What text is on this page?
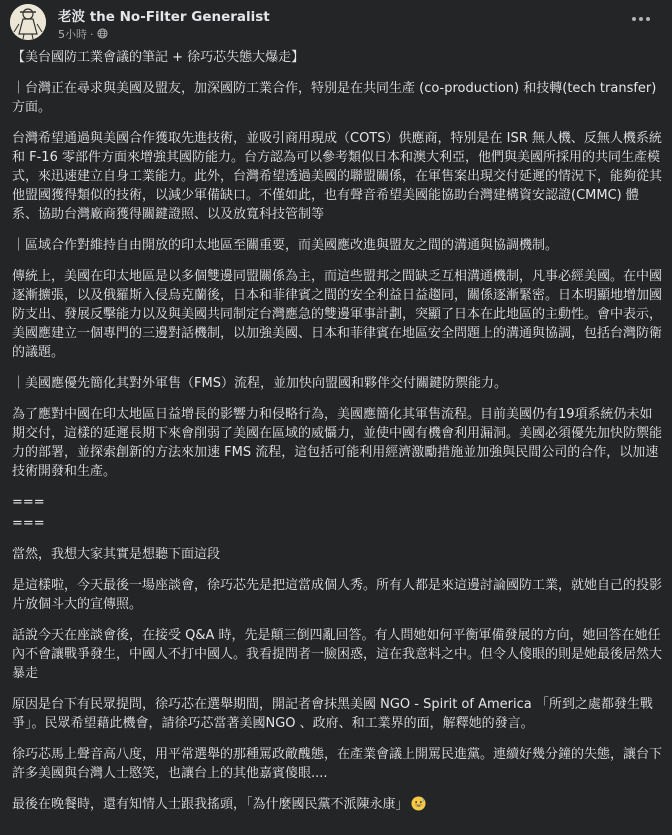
老波 the No-Filter Generalist
5小時 ·

【美台國防工業會議的筆記 + 徐巧芯失態大爆走】

｜台灣正在尋求與美國及盟友，加深國防工業合作，特別是在共同生產 (co-production) 和技轉(tech transfer) 方面。

台灣希望通過與美國合作獲取先進技術，並吸引商用現成（COTS）供應商，特別是在 ISR 無人機、反無人機系統和 F-16 零部件方面來增強其國防能力。台方認為可以參考類似日本和澳大利亞，他們與美國所採用的共同生產模式，來迅速建立自身工業能力。此外，台灣希望透過美國的聯盟關係，在軍售案出現交付延遲的情況下，能夠從其他盟國獲得類似的技術，以減少軍備缺口。不僅如此，也有聲音希望美國能協助台灣建構資安認證(CMMC) 體系、協助台灣廠商獲得關鍵證照、以及放寬科技管制等

｜區域合作對維持自由開放的印太地區至關重要，而美國應改進與盟友之間的溝通與協調機制。

傳統上，美國在印太地區是以多個雙邊同盟關係為主，而這些盟邦之間缺乏互相溝通機制，凡事必經美國。在中國逐漸擴張，以及俄羅斯入侵烏克蘭後，日本和菲律賓之間的安全利益日益趨同，關係逐漸緊密。日本明顯地增加國防支出、發展反擊能力以及與美國共同制定台灣應急的雙邊軍事計劃，突顯了日本在此地區的主動性。會中表示，美國應建立一個專門的三邊對話機制，以加強美國、日本和菲律賓在地區安全問題上的溝通與協調，包括台灣防衛的議題。

｜美國應優先簡化其對外軍售（FMS）流程，並加快向盟國和夥伴交付關鍵防禦能力。

為了應對中國在印太地區日益增長的影響力和侵略行為，美國應簡化其軍售流程。目前美國仍有19項系統仍未如期交付，這樣的延遲長期下來會削弱了美國在區域的威懾力，並使中國有機會利用漏洞。美國必須優先加快防禦能力的部署，並探索創新的方法來加速 FMS 流程，這包括可能利用經濟激勵措施並加強與民間公司的合作，以加速技術開發和生產。

===

===

當然，我想大家其實是想聽下面這段

是這樣啦，今天最後一場座談會，徐巧芯先是把這當成個人秀。所有人都是來這邊討論國防工業，就她自己的投影片放個斗大的宣傳照。

話說今天在座談會後，在接受 Q&A 時，先是顛三倒四亂回答。有人問她如何平衡軍備發展的方向，她回答在她任內不會讓戰爭發生，中國人不打中國人。我看提問者一臉困惑，這在我意料之中。但令人傻眼的則是她最後居然大暴走

原因是台下有民眾提問，徐巧芯在選舉期間，開記者會抹黑美國 NGO - Spirit of America 「所到之處都發生戰爭」。民眾希望藉此機會，請徐巧芯當著美國NGO 、政府、和工業界的面，解釋她的發言。

徐巧芯馬上聲音高八度，用平常選舉的那種罵政敵醜態，在產業會議上開罵民進黨。連續好幾分鐘的失態，讓台下許多美國與台灣人士愍笑，也讓台上的其他嘉賓傻眼....

最後在晚餐時，還有知情人士跟我搖頭，「為什麼國民黨不派陳永康」
